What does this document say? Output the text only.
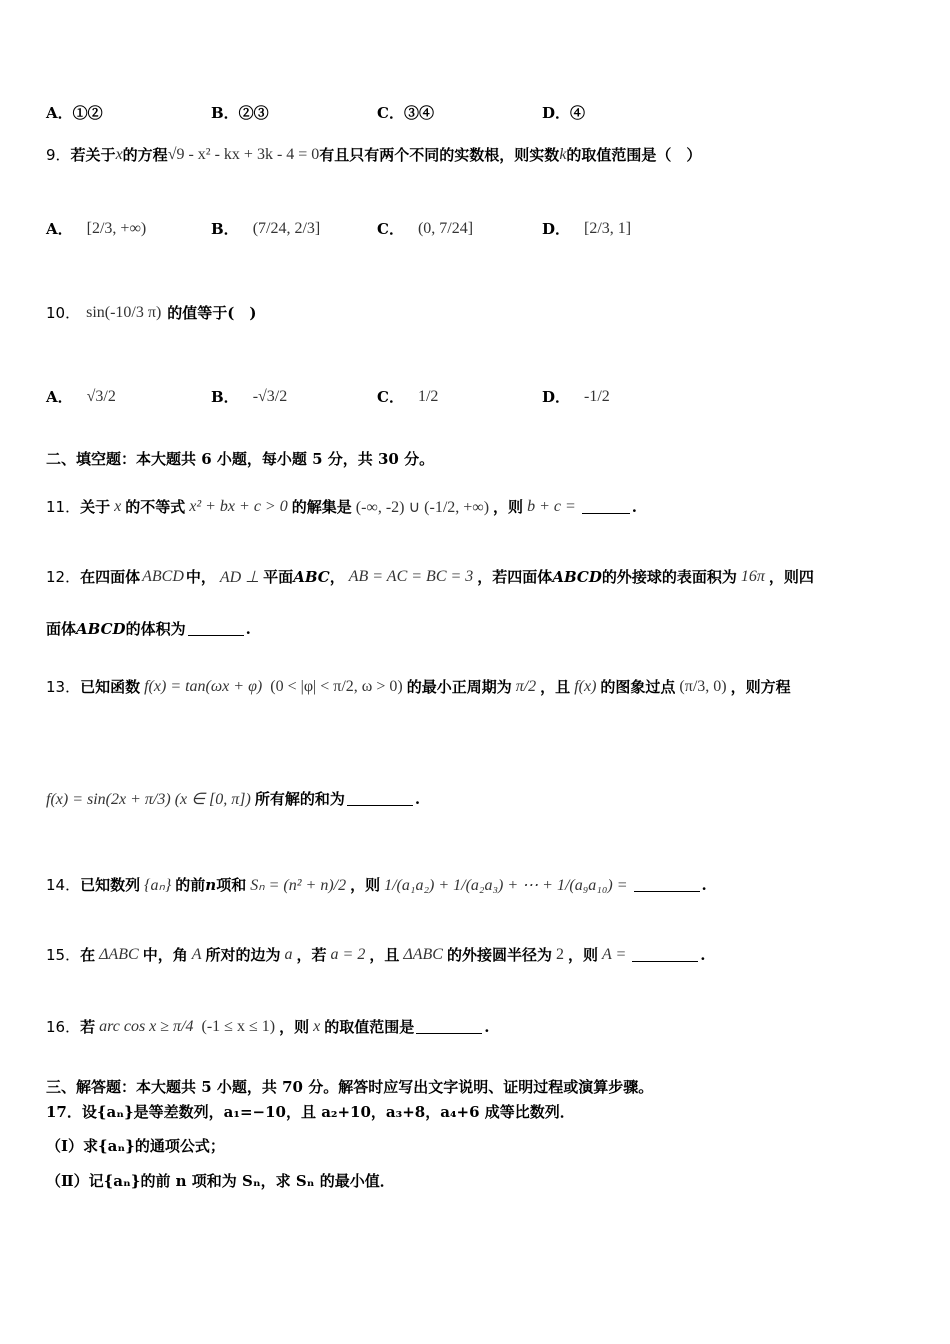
A．①②	B．②③	C．③④	D．④
9． 若关于 x 的方程 √9 - x² - kx + 3k - 4 = 0 有且只有两个不同的实数根，则实数 k 的取值范围是（　）
A． [2/3, +∞)	B． (7/24, 2/3]	C． (0, 7/24]	D． [2/3, 1]
10． sin(-10/3 π) 的值等于(　)
A． √3/2	B． -√3/2	C． 1/2	D． -1/2
二、填空题：本大题共 6 小题，每小题 5 分，共 30 分。
11． 关于 x 的不等式 x² + bx + c > 0 的解集是 (-∞, -2) ∪ (-1/2, +∞) ，则 b + c =	.
12． 在四面体 ABCD 中， AD ⊥ 平面 ABC ， AB = AC = BC = 3 ，若四面体 ABCD 的外接球的表面积为 16π ，则四
面体 ABCD 的体积为	.
13． 已知函数 f(x) = tan(ωx + φ) (0 < |φ| < π/2, ω > 0) 的最小正周期为 π/2 ，且 f(x) 的图象过点 (π/3, 0) ，则方程
f(x) = sin(2x + π/3) (x ∈ [0, π]) 所有解的和为	.
14． 已知数列 {aₙ} 的前 n 项和 Sₙ = (n² + n)/2 ，则 1/(a₁a₂) + 1/(a₂a₃) + ⋯ + 1/(a₉a₁₀) =	.
15． 在 ΔABC 中，角 A 所对的边为 a ，若 a = 2 ，且 ΔABC 的外接圆半径为 2 ，则 A =	.
16． 若 arc cos x ≥ π/4 (-1 ≤ x ≤ 1) ，则 x 的取值范围是	.
三、解答题：本大题共 5 小题，共 70 分。解答时应写出文字说明、证明过程或演算步骤。
17．设{aₙ}是等差数列，a₁=−10，且 a₂+10，a₃+8，a₄+6 成等比数列．
（Ⅰ）求{aₙ}的通项公式；
（Ⅱ）记{aₙ}的前 n 项和为 Sₙ，求 Sₙ 的最小值．
